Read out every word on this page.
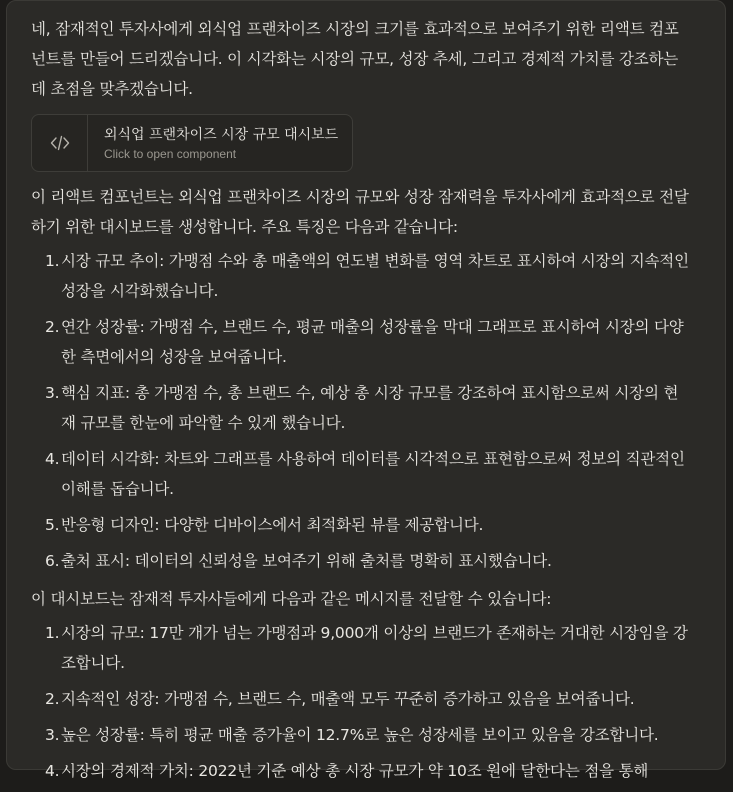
네, 잠재적인 투자사에게 외식업 프랜차이즈 시장의 크기를 효과적으로 보여주기 위한 리액트 컴포넌트를 만들어 드리겠습니다. 이 시각화는 시장의 규모, 성장 추세, 그리고 경제적 가치를 강조하는 데 초점을 맞추겠습니다.

외식업 프랜차이즈 시장 규모 대시보드
Click to open component

이 리액트 컴포넌트는 외식업 프랜차이즈 시장의 규모와 성장 잠재력을 투자사에게 효과적으로 전달하기 위한 대시보드를 생성합니다. 주요 특징은 다음과 같습니다:

1. 시장 규모 추이: 가맹점 수와 총 매출액의 연도별 변화를 영역 차트로 표시하여 시장의 지속적인 성장을 시각화했습니다.
2. 연간 성장률: 가맹점 수, 브랜드 수, 평균 매출의 성장률을 막대 그래프로 표시하여 시장의 다양한 측면에서의 성장을 보여줍니다.
3. 핵심 지표: 총 가맹점 수, 총 브랜드 수, 예상 총 시장 규모를 강조하여 표시함으로써 시장의 현재 규모를 한눈에 파악할 수 있게 했습니다.
4. 데이터 시각화: 차트와 그래프를 사용하여 데이터를 시각적으로 표현함으로써 정보의 직관적인 이해를 돕습니다.
5. 반응형 디자인: 다양한 디바이스에서 최적화된 뷰를 제공합니다.
6. 출처 표시: 데이터의 신뢰성을 보여주기 위해 출처를 명확히 표시했습니다.

이 대시보드는 잠재적 투자사들에게 다음과 같은 메시지를 전달할 수 있습니다:

1. 시장의 규모: 17만 개가 넘는 가맹점과 9,000개 이상의 브랜드가 존재하는 거대한 시장임을 강조합니다.
2. 지속적인 성장: 가맹점 수, 브랜드 수, 매출액 모두 꾸준히 증가하고 있음을 보여줍니다.
3. 높은 성장률: 특히 평균 매출 증가율이 12.7%로 높은 성장세를 보이고 있음을 강조합니다.
4. 시장의 경제적 가치: 2022년 기준 예상 총 시장 규모가 약 10조 원에 달한다는 점을 통해
